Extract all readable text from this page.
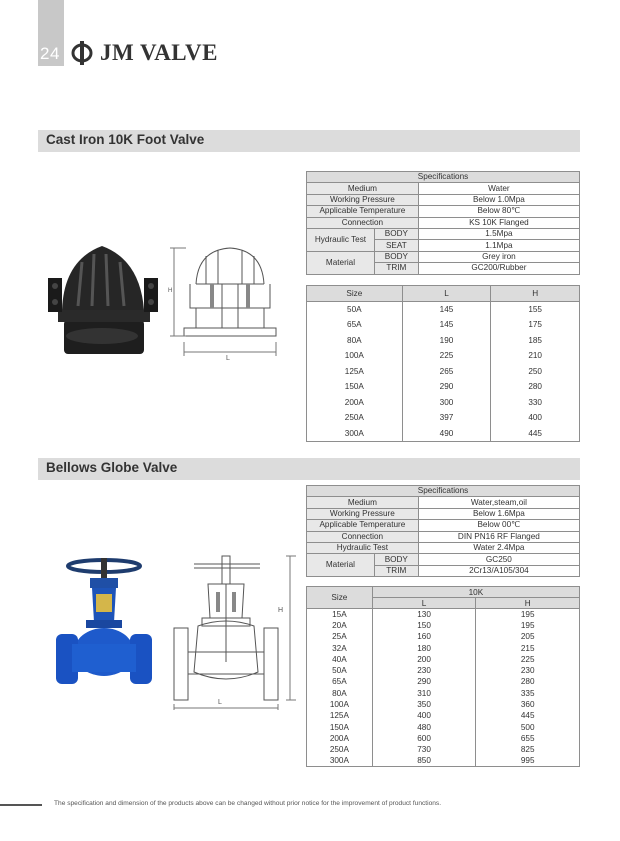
24 JM VALVE
Cast Iron 10K Foot Valve
H
L
Specifications		
Medium		Water
Working Pressure		Below 1.0Mpa
Applicable Temperature		Below 80℃
Connection		KS 10K Flanged
Hydraulic Test	BODY	1.5Mpa
	SEAT	1.1Mpa
Material	BODY	Grey iron
	TRIM	GC200/Rubber
Size	L	H
50A	145	155
65A	145	175
80A	190	185
100A	225	210
125A	265	250
150A	290	280
200A	300	330
250A	397	400
300A	490	445
Bellows Globe Valve
H
L
Specifications		
Medium		Water,steam,oil
Working Pressure		Below 1.6Mpa
Applicable Temperature		Below 00℃
Connection		DIN PN16 RF Flanged
Hydraulic Test		Water 2.4Mpa
Material	BODY	GC250
	TRIM	2Cr13/A105/304
Size	10K	
	L	H
15A	130	195
20A	150	195
25A	160	205
32A	180	215
40A	200	225
50A	230	230
65A	290	280
80A	310	335
100A	350	360
125A	400	445
150A	480	500
200A	600	655
250A	730	825
300A	850	995
The specification and dimension of the products above can be changed without prior notice for the improvement of product functions.
